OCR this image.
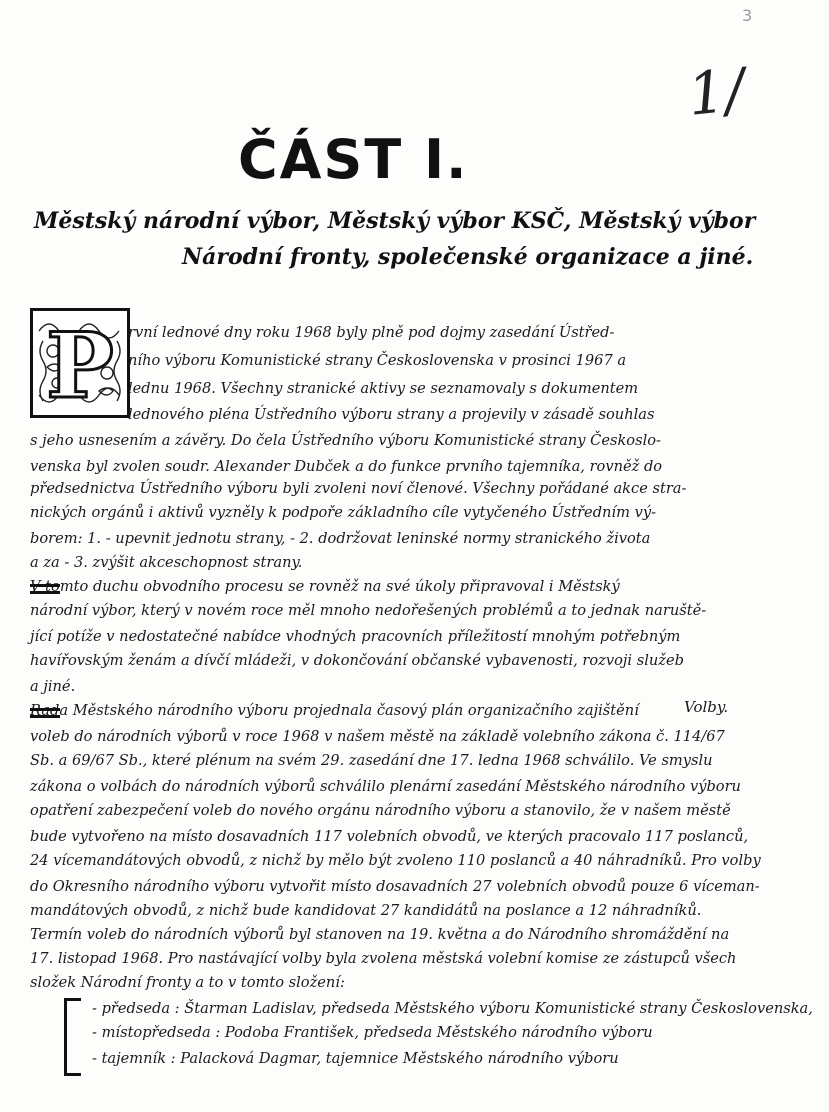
3
1/
ČÁST I.
Městský národní výbor, Městský výbor KSČ, Městský výbor
Národní fronty, společenské organizace a jiné.
P rvní lednové dny roku 1968 byly plně pod dojmy zasedání Ústřed-
ního výboru Komunistické strany Československa v prosinci 1967 a
lednu 1968. Všechny stranické aktivy se seznamovaly s dokumentem
lednového pléna Ústředního výboru strany a projevily v zásadě souhlas
s jeho usnesením a závěry. Do čela Ústředního výboru Komunistické strany Českoslo-
venska byl zvolen soudr. Alexander Dubček a do funkce prvního tajemníka, rovněž do
předsednictva Ústředního výboru byli zvoleni noví členové. Všechny pořádané akce stra-
nických orgánů i aktivů vyzněly k podpoře základního cíle vytyčeného Ústředním vý-
borem: 1. - upevnit jednotu strany, - 2. dodržovat leninské normy stranického života
a za - 3. zvýšit akceschopnost strany.
V tomto duchu obvodního procesu se rovněž na své úkoly připravoval i Městský
národní výbor, který v novém roce měl mnoho nedořešených problémů a to jednak naruště-
jící potíže v nedostatečné nabídce vhodných pracovních příležitostí mnohým potřebným
havířovským ženám a dívčí mládeži, v dokončování občanské vybavenosti, rozvoji služeb
a jiné.
Rada Městského národního výboru projednala časový plán organizačního zajištění
voleb do národních výborů v roce 1968 v našem městě na základě volebního zákona č. 114/67
Sb. a 69/67 Sb., které plénum na svém 29. zasedání dne 17. ledna 1968 schválilo. Ve smyslu
zákona o volbách do národních výborů schválilo plenární zasedání Městského národního výboru
opatření zabezpečení voleb do nového orgánu národního výboru a stanovilo, že v našem městě
bude vytvořeno na místo dosavadních 117 volebních obvodů, ve kterých pracovalo 117 poslanců,
24 vícemandátových obvodů, z nichž by mělo být zvoleno 110 poslanců a 40 náhradníků. Pro volby
do Okresního národního výboru vytvořit místo dosavadních 27 volebních obvodů pouze 6 víceman-
mandátových obvodů, z nichž bude kandidovat 27 kandidátů na poslance a 12 náhradníků.
Termín voleb do národních výborů byl stanoven na 19. května a do Národního shromáždění na
17. listopad 1968. Pro nastávající volby byla zvolena městská volební komise ze zástupců všech
složek Národní fronty a to v tomto složení:
- předseda : Štarman Ladislav, předseda Městského výboru Komunistické strany Československa,
- místopředseda : Podoba František, předseda Městského národního výboru
- tajemník : Palacková Dagmar, tajemnice Městského národního výboru
Volby.
